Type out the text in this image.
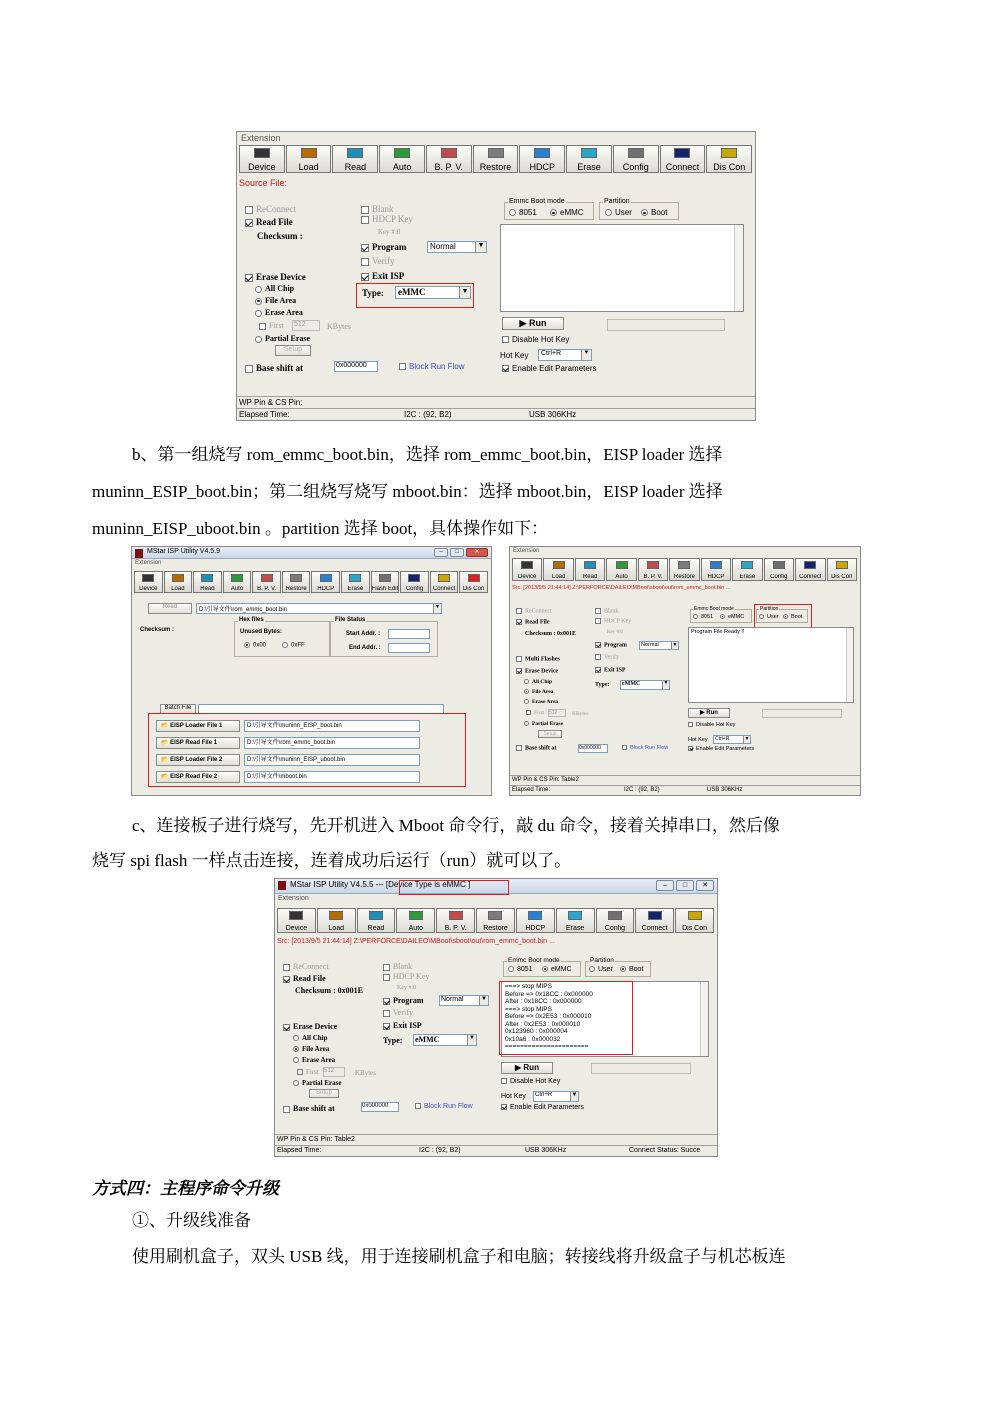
Extension
Device	Load	Read	Auto	B. P. V.	Restore	HDCP	Erase	Config	Connect	Dis Con
Source File:
ReConnect
Read File
Checksum :
Blank
HDCP Key
Key #:0
Program	Normal	▼
Verify
Erase Device	Exit ISP
All Chip
File Area
Erase Area
First 512	KBytes
Partial Erase
Setup
Type:	eMMC	▼
Base shift at	0x000000	Block Run Flow
Emmc Boot mode
8051	eMMC
Partition
User	Boot
▶ Run
Disable Hot Key
Hot Key	Ctrl+R	▼
Enable Edit Parameters
WP Pin & CS Pin:
Elapsed Time:	I2C : (92, B2)	USB 306KHz
b、第一组烧写 rom_emmc_boot.bin，选择 rom_emmc_boot.bin，EISP loader 选择
muninn_ESIP_boot.bin；第二组烧写烧写 mboot.bin：选择 mboot.bin，EISP loader 选择
muninn_EISP_uboot.bin 。partition 选择 boot，具体操作如下：
MStar ISP Utility V4.5.9	–	□	✕
Extension
Device	Load	Read	Auto	B. P. V.	Restore	HDCP	Erase	Flash Edit	Config	Connect	Dis Con
Read	D:\引导文件\rom_emmc_boot.bin	▼
Checksum :
Hex files
Unused Bytes:
0x00	0xFF
File Status
Start Addr. :
End Addr. :
Batch File
📂 EISP Loader File 1	D:\引导文件\muninn_EISP_boot.bin
📂 EISP Read File 1	D:\引导文件\rom_emmc_boot.bin
📂 EISP Loader File 2	D:\引导文件\muninn_EISP_uboot.bin
📂 EISP Read File 2	D:\引导文件\mboot.bin
Extension
Device	Load	Read	Auto	B. P. V.	Restore	HDCP	Erase	Config	Connect	Dis Con
Src: [2013/9/5 21:44:14] Z:\PERFORCE\DAILEO\MBoot\sboot\out\rom_emmc_boot.bin ...
ReConnect
Read File
Checksum : 0x001E
Blank
HDCP Key
Key #:0
Program	Normal	▼
Verify
Multi Flashes
Erase Device	Exit ISP
All Chip
File Area
Erase Area
First 512	KBytes
Partial Erase
Setup
Type:	eMMC	▼
Base shift at	0x000000	Block Run Flow
Emmc Boot mode
8051	eMMC
Partition
User	Boot
Program File Ready !!
▶ Run
Disable Hot Key
Hot Key	Ctrl+R	▼
Enable Edit Parameters
WP Pin & CS Pin: Table2
Elapsed Time:	I2C : (92, B2)	USB 306KHz
c、连接板子进行烧写，先开机进入 Mboot 命令行，敲 du 命令，接着关掉串口，然后像
烧写 spi flash 一样点击连接，连着成功后运行（run）就可以了。
MStar ISP Utility V4.5.5 --- [Device Type is eMMC ]	–	□	✕
Extension
Device	Load	Read	Auto	B. P. V.	Restore	HDCP	Erase	Config	Connect	Dis Con
Src: [2013/9/5 21:44:14] Z:\PERFORCE\DAILEO\MBoot\sboot\out\rom_emmc_boot.bin ...
ReConnect
Read File
Checksum : 0x001E
Blank
HDCP Key
Key #:0
Program Normal	▼
Verify
Erase Device	Exit ISP
All Chip
File Area
Erase Area
First 512	KBytes
Partial Erase
Setup
Type: eMMC	▼
Base shift at	0x000000	Block Run Flow
Emmc Boot mode
8051	eMMC
Partition
User	Boot
===> stop MIPS
Before => 0x18CC : 0x000000
After : 0x18CC : 0x000000
===> stop MIPS
Before => 0x2E53 : 0x000010
After : 0x2E53 : 0x000010
0x123960 : 0x000004
0x10a6 : 0x000032
======================
▶ Run
Disable Hot Key
Hot Key	Ctrl+R	▼
Enable Edit Parameters
WP Pin & CS Pin: Table2
Elapsed Time:	I2C : (92, B2)	USB 306KHz	Connect Status: Succe
方式四：主程序命令升级
①、升级线准备
使用刷机盒子，双头 USB 线，用于连接刷机盒子和电脑；转接线将升级盒子与机芯板连
